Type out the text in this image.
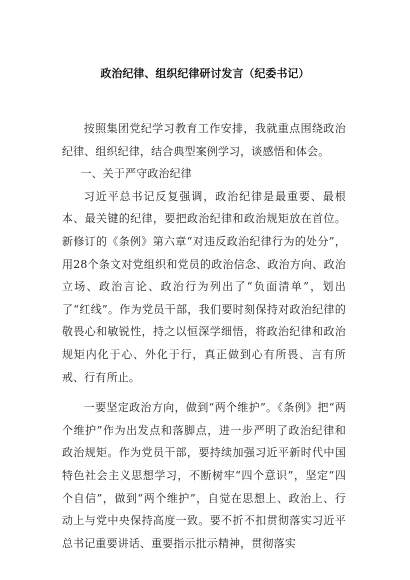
政治纪律、组织纪律研讨发言（纪委书记）

按照集团党纪学习教育工作安排，我就重点围绕政治纪律、组织纪律，结合典型案例学习，谈感悟和体会。

一、关于严守政治纪律

习近平总书记反复强调，政治纪律是最重要、最根本、最关键的纪律，要把政治纪律和政治规矩放在首位。新修订的《条例》第六章“对违反政治纪律行为的处分”，用28个条文对党组织和党员的政治信念、政治方向、政治立场、政治言论、政治行为列出了“负面清单”，划出了“红线”。作为党员干部，我们要时刻保持对政治纪律的敬畏心和敏锐性，持之以恒深学细悟，将政治纪律和政治规矩内化于心、外化于行，真正做到心有所畏、言有所戒、行有所止。

一要坚定政治方向，做到“两个维护”。《条例》把“两个维护”作为出发点和落脚点，进一步严明了政治纪律和政治规矩。作为党员干部，要持续加强习近平新时代中国特色社会主义思想学习，不断树牢“四个意识”，坚定“四个自信”，做到“两个维护”，自觉在思想上、政治上、行动上与党中央保持高度一致。要不折不扣贯彻落实习近平总书记重要讲话、重要指示批示精神，贯彻落实
